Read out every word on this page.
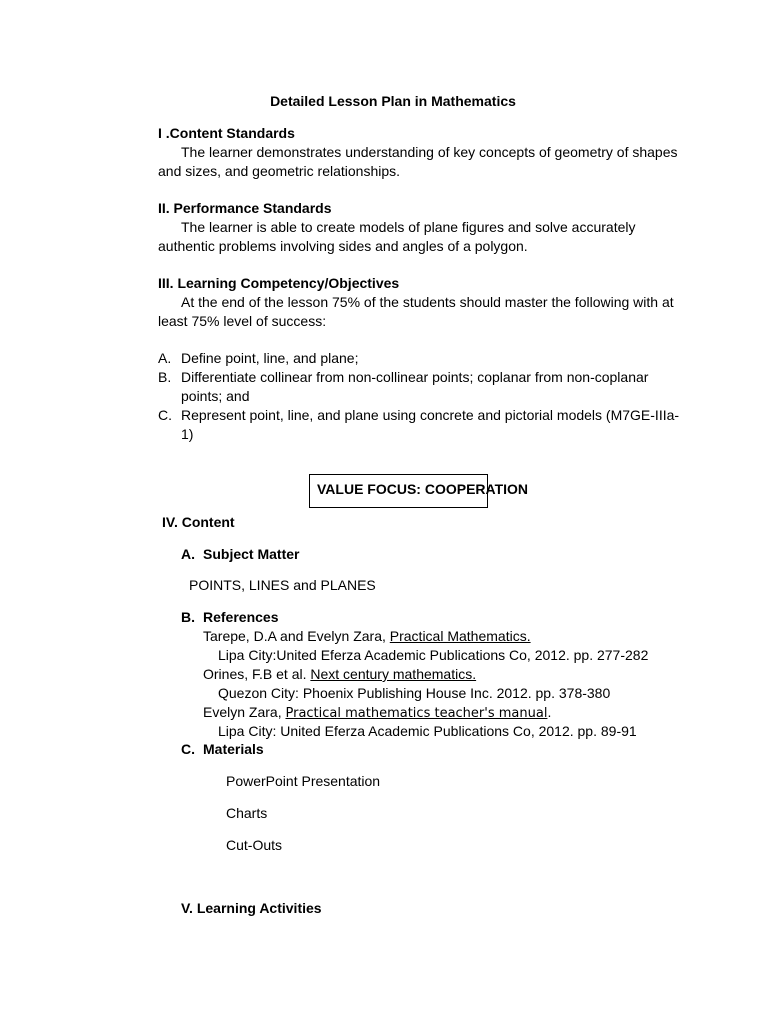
Detailed Lesson Plan in Mathematics
I .Content Standards
The learner demonstrates understanding of key concepts of geometry of shapes
and sizes, and geometric relationships.
II. Performance Standards
The learner is able to create models of plane figures and solve accurately
authentic problems involving sides and angles of a polygon.
III. Learning Competency/Objectives
At the end of the lesson 75% of the students should master the following with at
least 75% level of success:
A. Define point, line, and plane;
B. Differentiate collinear from non-collinear points; coplanar from non-coplanar
points; and
C. Represent point, line, and plane using concrete and pictorial models (M7GE-IIIa-
1)
VALUE FOCUS: COOPERATION
IV. Content
A. Subject Matter
POINTS, LINES and PLANES
B. References
Tarepe, D.A and Evelyn Zara, Practical Mathematics.
Lipa City:United Eferza Academic Publications Co, 2012. pp. 277-282
Orines, F.B et al. Next century mathematics.
Quezon City: Phoenix Publishing House Inc. 2012. pp. 378-380
Evelyn Zara, Practical mathematics teacher's manual.
Lipa City: United Eferza Academic Publications Co, 2012. pp. 89-91
C. Materials
PowerPoint Presentation
Charts
Cut-Outs
V. Learning Activities
